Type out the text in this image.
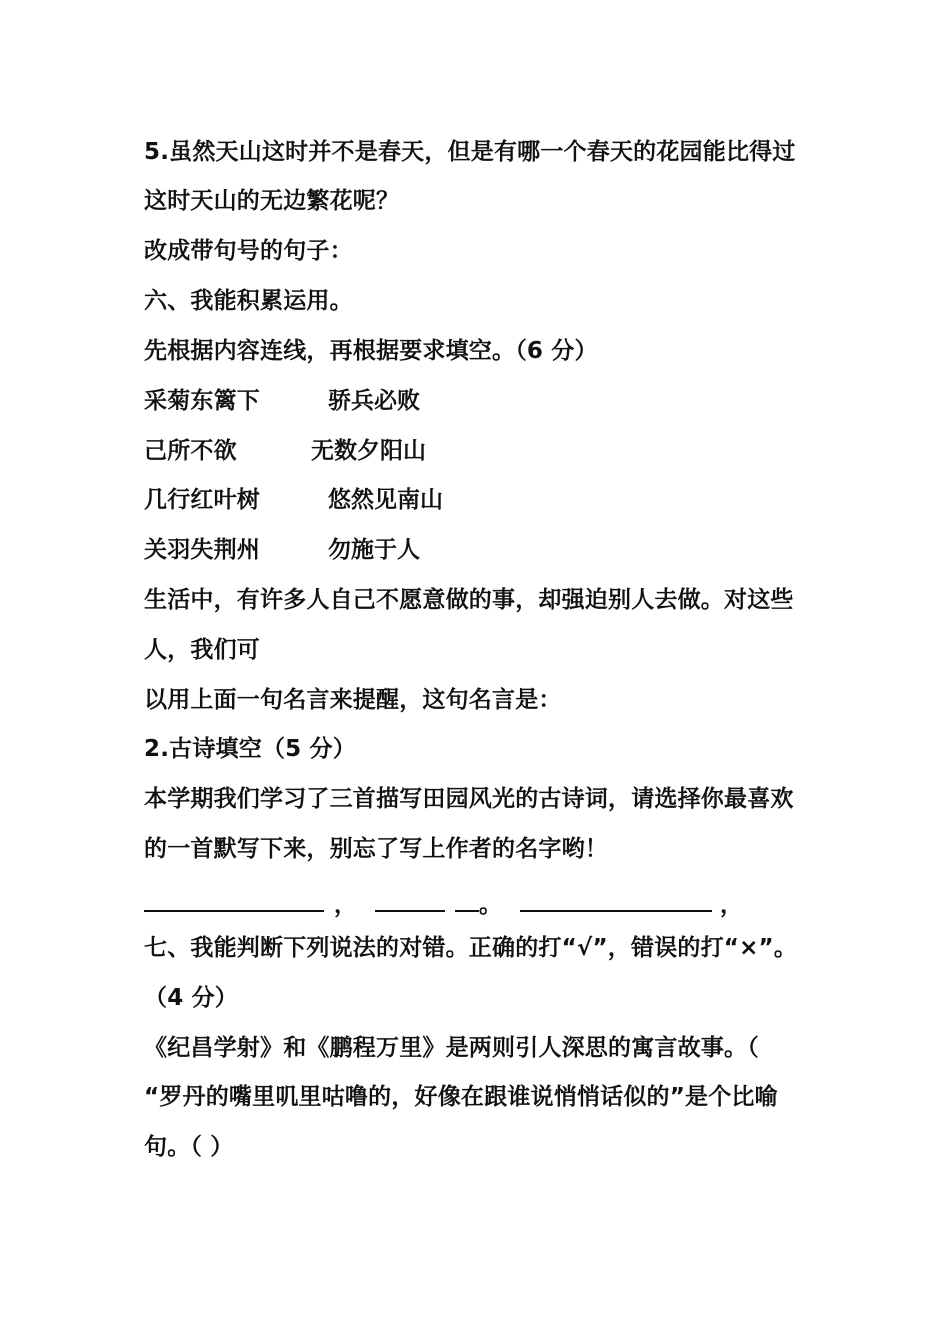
5.虽然天山这时并不是春天，但是有哪一个春天的花园能比得过
这时天山的无边繁花呢？
改成带句号的句子：
六、我能积累运用。
先根据内容连线，再根据要求填空。（6 分）
采菊东篱下	骄兵必败
己所不欲	无数夕阳山
几行红叶树	悠然见南山
关羽失荆州	勿施于人
生活中，有许多人自己不愿意做的事，却强迫别人去做。对这些
人，我们可
以用上面一句名言来提醒，这句名言是：
2.古诗填空（5 分）
本学期我们学习了三首描写田园风光的古诗词，请选择你最喜欢
的一首默写下来，别忘了写上作者的名字哟！
，	。	，
七、我能判断下列说法的对错。正确的打“√”，错误的打“×”。
（4 分）
《纪昌学射》和《鹏程万里》是两则引人深思的寓言故事。（
“罗丹的嘴里叽里咕噜的，好像在跟谁说悄悄话似的”是个比喻
句。（ ）
